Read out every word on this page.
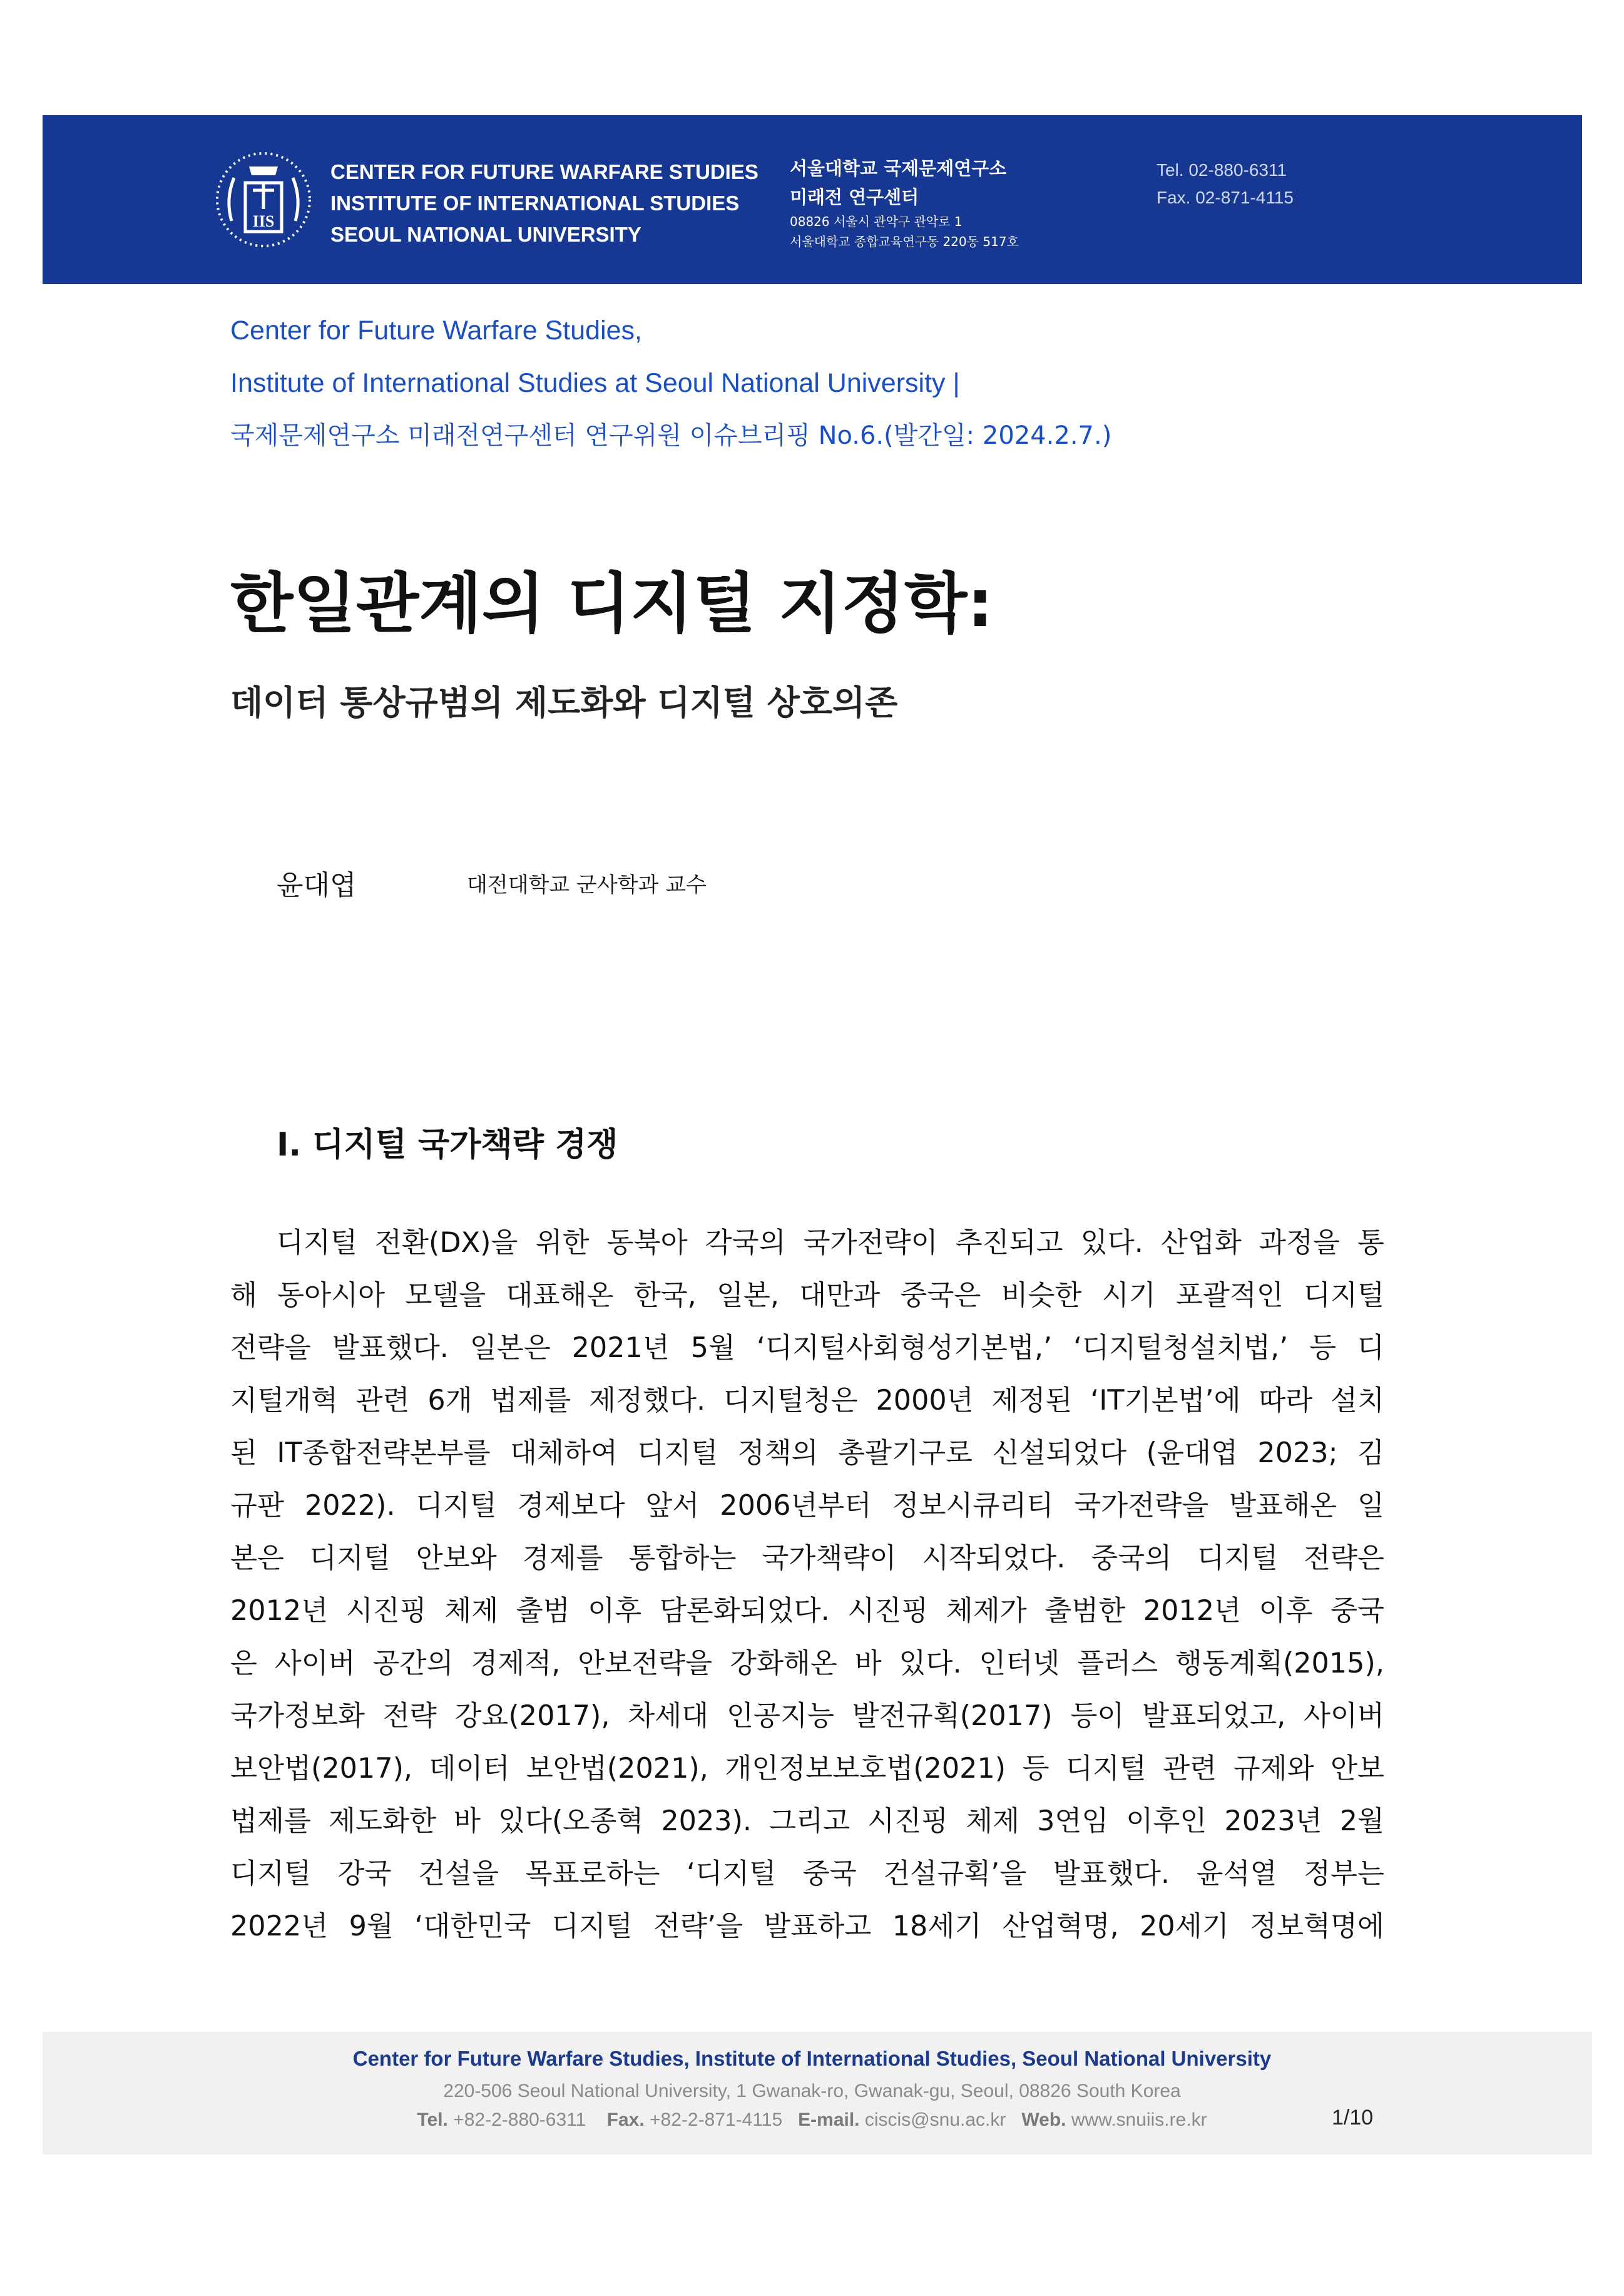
IIS
CENTER FOR FUTURE WARFARE STUDIES
INSTITUTE OF INTERNATIONAL STUDIES
SEOUL NATIONAL UNIVERSITY
서울대학교 국제문제연구소
미래전 연구센터
08826 서울시 관악구 관악로 1
서울대학교 종합교육연구동 220동 517호
Tel. 02-880-6311
Fax. 02-871-4115
Center for Future Warfare Studies,
Institute of International Studies at Seoul National University |
국제문제연구소 미래전연구센터 연구위원 이슈브리핑 No.6.(발간일: 2024.2.7.)
한일관계의 디지털 지정학:
데이터 통상규범의 제도화와 디지털 상호의존
윤대엽	대전대학교 군사학과 교수
I. 디지털 국가책략 경쟁
디지털 전환(DX)을 위한 동북아 각국의 국가전략이 추진되고 있다. 산업화 과정을 통
해 동아시아 모델을 대표해온 한국, 일본, 대만과 중국은 비슷한 시기 포괄적인 디지털
전략을 발표했다. 일본은 2021년 5월 ‘디지털사회형성기본법,’ ‘디지털청설치법,’ 등 디
지털개혁 관련 6개 법제를 제정했다. 디지털청은 2000년 제정된 ‘IT기본법’에 따라 설치
된 IT종합전략본부를 대체하여 디지털 정책의 총괄기구로 신설되었다 (윤대엽 2023; 김
규판 2022). 디지털 경제보다 앞서 2006년부터 정보시큐리티 국가전략을 발표해온 일
본은 디지털 안보와 경제를 통합하는 국가책략이 시작되었다. 중국의 디지털 전략은
2012년 시진핑 체제 출범 이후 담론화되었다. 시진핑 체제가 출범한 2012년 이후 중국
은 사이버 공간의 경제적, 안보전략을 강화해온 바 있다. 인터넷 플러스 행동계획(2015),
국가정보화 전략 강요(2017), 차세대 인공지능 발전규획(2017) 등이 발표되었고, 사이버
보안법(2017), 데이터 보안법(2021), 개인정보보호법(2021) 등 디지털 관련 규제와 안보
법제를 제도화한 바 있다(오종혁 2023). 그리고 시진핑 체제 3연임 이후인 2023년 2월
디지털 강국 건설을 목표로하는 ‘디지털 중국 건설규획’을 발표했다. 윤석열 정부는
2022년 9월 ‘대한민국 디지털 전략’을 발표하고 18세기 산업혁명, 20세기 정보혁명에
Center for Future Warfare Studies, Institute of International Studies, Seoul National University
220-506 Seoul National University, 1 Gwanak-ro, Gwanak-gu, Seoul, 08826 South Korea
Tel. +82-2-880-6311 Fax. +82-2-871-4115 E-mail. ciscis@snu.ac.kr Web. www.snuiis.re.kr	1/10
